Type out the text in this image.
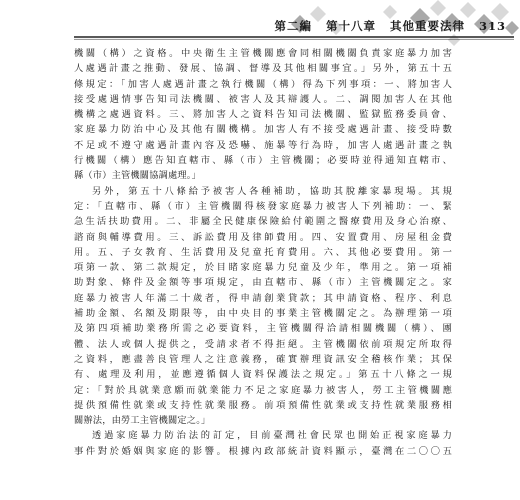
第二編 第十八章 其他重要法律 313
機關（構）之資格。中央衛生主管機關應會同相關機關負責家庭暴力加害
人處遇計畫之推動、發展、協調、督導及其他相關事宜。」另外，第五十五
條規定：「加害人處遇計畫之執行機關（構）得為下列事項：一、將加害人
接受處遇情事告知司法機關、被害人及其辯護人。二、調閱加害人在其他
機構之處遇資料。三、將加害人之資料告知司法機關、監獄監務委員會、
家庭暴力防治中心及其他有關機構。加害人有不接受處遇計畫、接受時數
不足或不遵守處遇計畫內容及恐嚇、施暴等行為時，加害人處遇計畫之執
行機關（構）應告知直轄市、縣（市）主管機關；必要時並得通知直轄市、
縣（市）主管機關協調處理。」
另外，第五十八條給予被害人各種補助，協助其脫離家暴現場。其規
定：「直轄市、縣（市）主管機關得核發家庭暴力被害人下列補助：一、緊
急生活扶助費用。二、非屬全民健康保險給付範圍之醫療費用及身心治療、
諮商與輔導費用。三、訴訟費用及律師費用。四、安置費用、房屋租金費
用。五、子女教育、生活費用及兒童托育費用。六、其他必要費用。第一
項第一款、第二款規定，於目睹家庭暴力兒童及少年，準用之。第一項補
助對象、條件及金額等事項規定，由直轄市、縣（市）主管機關定之。家
庭暴力被害人年滿二十歲者，得申請創業貸款；其申請資格、程序、利息
補助金額、名額及期限等，由中央目的事業主管機關定之。為辦理第一項
及第四項補助業務所需之必要資料，主管機關得洽請相關機關（構）、團
體、法人或個人提供之，受請求者不得拒絕。主管機關依前項規定所取得
之資料，應盡善良管理人之注意義務，確實辦理資訊安全稽核作業；其保
有、處理及利用，並應遵循個人資料保護法之規定。」第五十八條之一規
定：「對於具就業意願而就業能力不足之家庭暴力被害人，勞工主管機關應
提供預備性就業或支持性就業服務。前項預備性就業或支持性就業服務相
關辦法，由勞工主管機關定之。」
透過家庭暴力防治法的訂定，目前臺灣社會民眾也開始正視家庭暴力
事件對於婚姻與家庭的影響。根據內政部統計資料顯示，臺灣在二〇〇五
